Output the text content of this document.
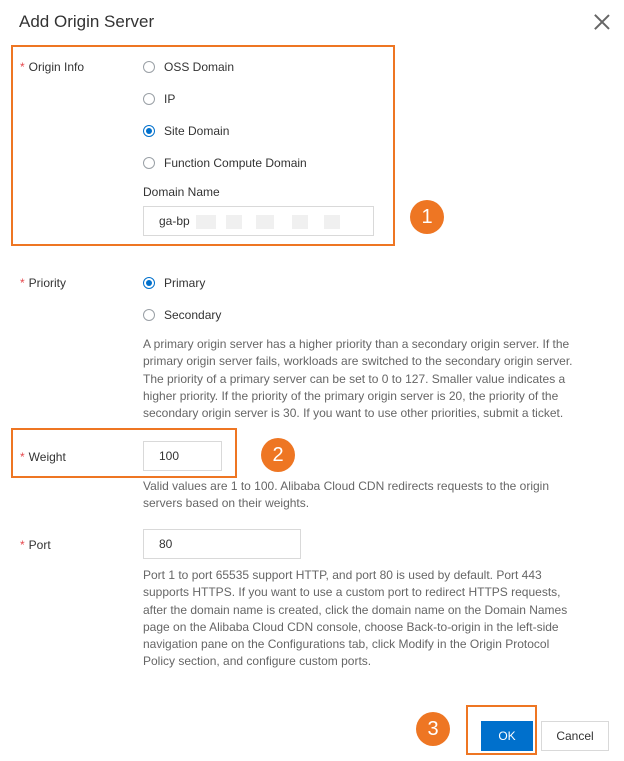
Add Origin Server
* Origin Info	OSS Domain
IP
Site Domain
Function Compute Domain
Domain Name
ga-bp	1
* Priority	Primary
Secondary
A primary origin server has a higher priority than a secondary origin server. If the primary origin server fails, workloads are switched to the secondary origin server. The priority of a primary server can be set to 0 to 127. Smaller value indicates a higher priority. If the priority of the primary origin server is 20, the priority of the secondary origin server is 30. If you want to use other priorities, submit a ticket.
* Weight	100	2
Valid values are 1 to 100. Alibaba Cloud CDN redirects requests to the origin servers based on their weights.
* Port	80
Port 1 to port 65535 support HTTP, and port 80 is used by default. Port 443 supports HTTPS. If you want to use a custom port to redirect HTTPS requests, after the domain name is created, click the domain name on the Domain Names page on the Alibaba Cloud CDN console, choose Back-to-origin in the left-side navigation pane on the Configurations tab, click Modify in the Origin Protocol Policy section, and configure custom ports.
3	OK	Cancel
